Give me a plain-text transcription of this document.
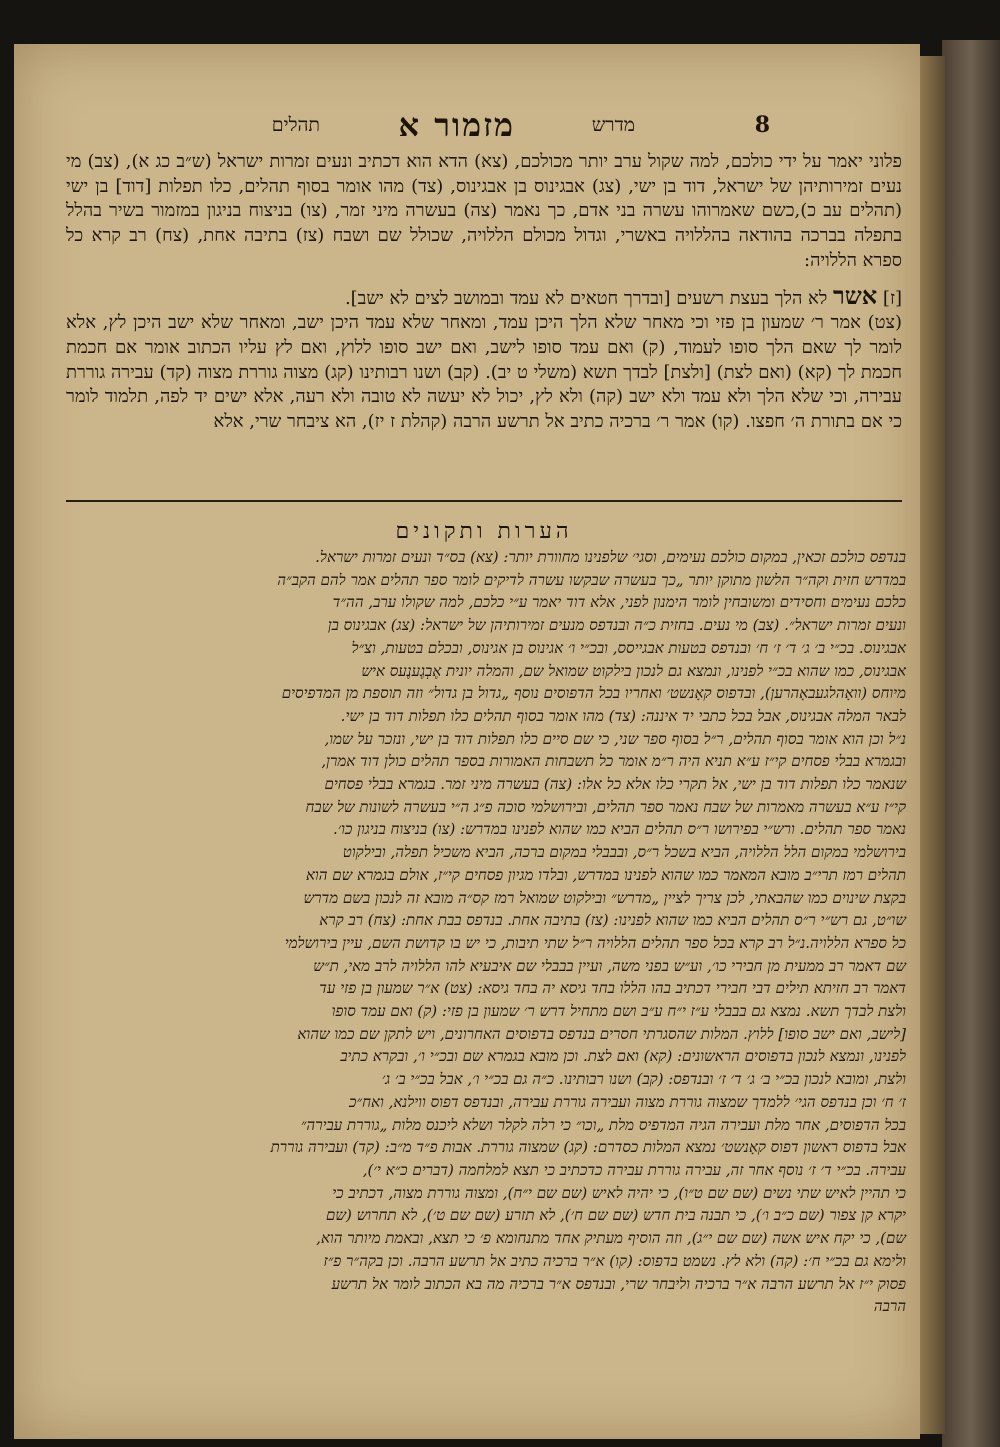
8
מדרש
מזמור א
תהלים

פלוני יאמר על ידי כולכם, למה שקול ערב יותר מכולכם, (צא) הדא הוא דכתיב ונעים זמרות ישראל (ש״ב כג א), (צב) מי נעים זמירותיהן של ישראל, דוד בן ישי, (צג) אבגינוס בן אבגינוס, (צד) מהו אומר בסוף תהלים, כלו תפלות [דוד] בן ישי (תהלים עב כ),כשם שאמרוהו עשרה בני אדם, כך נאמר (צה) בעשרה מיני זמר, (צו) בניצוח בניגון במזמור בשיר בהלל בתפלה בברכה בהודאה בהללויה באשרי, וגדול מכולם הללויה, שכולל שם ושבח (צז) בתיבה אחת, (צח) רב קרא כל ספרא הללויה:

[ז] אשר לא הלך בעצת רשעים [ובדרך חטאים לא עמד ובמושב לצים לא ישב].

(צט) אמר ר׳ שמעון בן פזי וכי מאחר שלא הלך היכן עמד, ומאחר שלא עמד היכן ישב, ומאחר שלא ישב היכן לץ, אלא לומר לך שאם הלך סופו לעמוד, (ק) ואם עמד סופו לישב, ואם ישב סופו ללוץ, ואם לץ עליו הכתוב אומר אם חכמת חכמת לך (קא) (ואם לצת) [ולצת] לבדך תשא (משלי ט יב). (קב) ושנו רבותינו (קג) מצוה גוררת מצוה (קד) עבירה גוררת עבירה, וכי שלא הלך ולא עמד ולא ישב (קה) ולא לץ, יכול לא יעשה לא טובה ולא רעה, אלא ישים יד לפה, תלמוד לומר כי אם בתורת ה׳ חפצו. (קו) אמר ר׳ ברכיה כתיב אל תרשע הרבה (קהלת ז יז), הא ציבחר שרי, אלא

הערות ותקונים

בנדפס כולכם זכאין, במקום כולכם נעימים, וסגי׳ שלפנינו מחוורת יותר: (צא) בס״ד ונעים זמרות ישראל.

במדרש חזית וקה״ר הלשון מתוקן יותר „כך בעשרה שבקשו עשרה לדיקים לומר ספר תהלים אמר להם הקב״ה

כלכם נעימים וחסידים ומשובחין לומר הימנון לפני, אלא דוד יאמר ע״י כלכם, למה שקולו ערב, הה״ד

ונעים זמרות ישראל״. (צב) מי נעים. בחזית כ״ה ובנדפס מנעים זמירותיהן של ישראל: (צג) אבגינוס בן

אבגינוס. בכ״י ב׳ ג׳ ד׳ ז׳ ח׳ ובנדפס בטעות אבגייסס, ובכ״י ו׳ אגינוס בן אגינוס, ובכלם בטעות, וצ״ל

אבגינוס, כמו שהוא בכ״י לפנינו, ונמצא גם לנכון בילקוט שמואל שם, והמלה יונית אֶבְגֶענֶעס איש

מיוחס (וואָהלגעבאָהרען), ובדפוס קאָנשט׳ ואחריו בכל הדפוסים נוסף „גדול בן גדול״ וזה תוספת מן המדפיסים

לבאר המלה אבגינוס, אבל בכל כתבי יד איננה: (צד) מהו אומר בסוף תהלים כלו תפלות דוד בן ישי.

נ״ל וכן הוא אומר בסוף תהלים, ר״ל בסוף ספר שני, כי שם סיים כלו תפלות דוד בן ישי, ונזכר על שמו,

ובגמרא בבלי פסחים קי״ז ע״א תניא היה ר״מ אומר כל תשבחות האמורות בספר תהלים כולן דוד אמרן,

שנאמר כלו תפלות דוד בן ישי, אל תקרי כלו אלא כל אלו: (צה) בעשרה מיני זמר. בגמרא בבלי פסחים

קי״ז ע״א בעשרה מאמרות של שבח נאמר ספר תהלים, ובירושלמי סוכה פ״ג ה״י בעשרה לשונות של שבח

נאמר ספר תהלים. ורש״י בפירושו ר״ס תהלים הביא כמו שהוא לפנינו במדרש: (צו) בניצוח בניגון כו׳.

בירושלמי במקום הלל הללויה, הביא בשכל ר״ס, ובבבלי במקום ברכה, הביא משכיל תפלה, ובילקוט

תהלים רמז תרי״ב מובא המאמר כמו שהוא לפנינו במדרש, ובלדו מגיון פסחים קי״ז, אולם בגמרא שם הוא

בקצת שינוים כמו שהבאתי, לכן צריך לציין „מדרש״ ובילקוט שמואל רמז קס״ה מובא זה לנכון בשם מדרש

שו״ט, גם רש״י ר״ס תהלים הביא כמו שהוא לפנינו: (צז) בתיבה אחת. בנדפס בבת אחת: (צח) רב קרא

כל ספרא הללויה.נ״ל רב קרא בכל ספר תהלים הללויה ר״ל שתי תיבות, כי יש בו קדושת השם, עיין בירושלמי

שם דאמר רב ממעית מן חבירי כו׳, וע״ש בפני משה, ועיין בבבלי שם איבעיא להו הללויה לרב מאי, ת״ש

דאמר רב חזיתא תילים דבי חבירי דכתיב בהו הללו בחד גיסא יה בחד גיסא: (צט) א״ר שמעון בן פזי עד

ולצת לבדך תשא. נמצא גם בבבלי ע״ז י״ח ע״ב ושם מתחיל דרש ר׳ שמעון בן פזי: (ק) ואם עמד סופו

[לישב, ואם ישב סופו] ללוץ. המלות שהסגרתי חסרים בנדפס בדפוסים האחרונים, ויש לתקן שם כמו שהוא

לפנינו, ונמצא לנכון בדפוסים הראשונים: (קא) ואם לצת. וכן מובא בגמרא שם ובכ״י ו׳, ובקרא כתיב

ולצת, ומובא לנכון בכ״י ב׳ ג׳ ד׳ ז׳ ובנדפס: (קב) ושנו רבותינו. כ״ה גם בכ״י ו׳, אבל בכ״י ב׳ ג׳

ז׳ ח׳ וכן בנדפס הגי׳ ללמדך שמצוה גוררת מצוה ועבירה גוררת עבירה, ובנדפס דפוס ווילנא, ואח״כ

בכל הדפוסים, אחר מלת ועבירה הגיה המדפיס מלת „וכו״ כי רלה לקלר ושלא ליכנס מלות „גוררת עבירה״

אבל בדפוס ראשון דפוס קאָנשט׳ נמצא המלות כסדרם: (קג) שמצוה גוררת. אבות פ״ד מ״ב: (קד) ועבירה גוררת

עבירה. בכ״י ד׳ ז׳ נוסף אחר זה, עבירה גוררת עבירה כדכתיב כי תצא למלחמה (דברים כ״א י׳),

כי תהיין לאיש שתי נשים (שם שם ט״ו), כי יהיה לאיש (שם שם י״ח), ומצוה גוררת מצוה, דכתיב כי

יקרא קן צפור (שם כ״ב ו׳), כי תבנה בית חדש (שם שם ח׳), לא תזרע (שם שם ט׳), לא תחרוש (שם

שם), כי יקח איש אשה (שם שם י״ג), וזה הוסיף מעתיק אחד מתנחומא פ׳ כי תצא, ובאמת מיותר הוא,

ולימא גם בכ״י ח׳: (קה) ולא לץ. נשמט בדפוס: (קו) א״ר ברכיה כתיב אל תרשע הרבה. וכן בקה״ר פ״ז

פסוק י״ז אל תרשע הרבה א״ר ברכיה וליבחר שרי, ובנדפס א״ר ברכיה מה בא הכתוב לומר אל תרשע

הרבה
